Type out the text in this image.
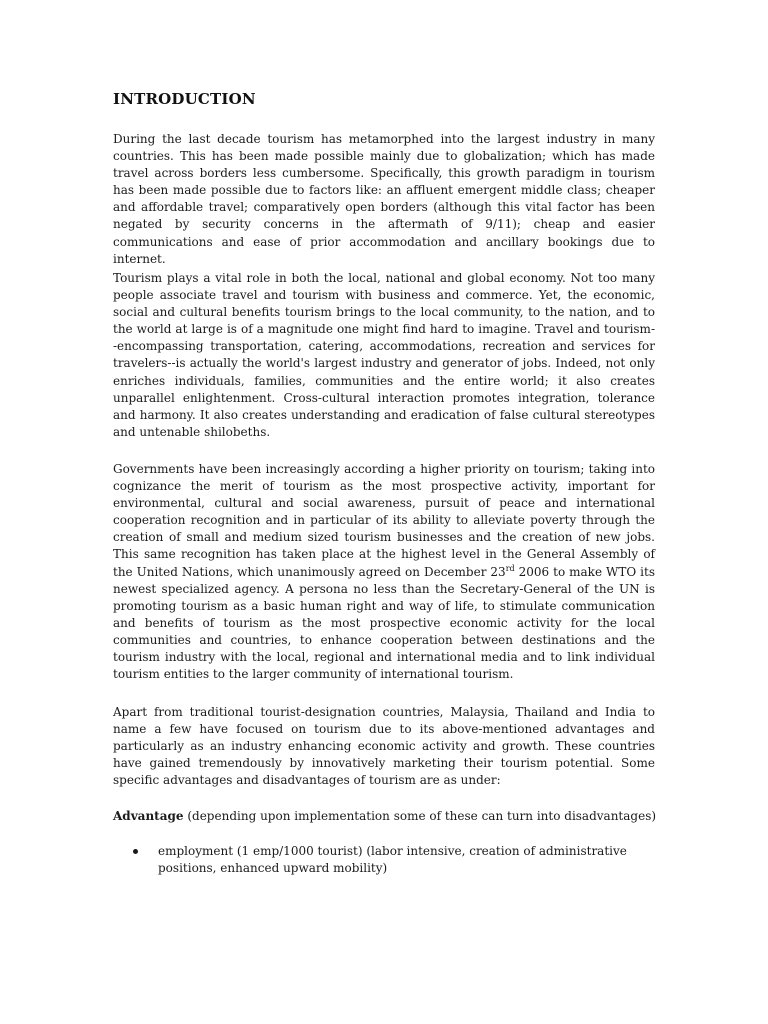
INTRODUCTION

During the last decade tourism has metamorphed into the largest industry in many countries. This has been made possible mainly due to globalization; which has made travel across borders less cumbersome. Specifically, this growth paradigm in tourism has been made possible due to factors like: an affluent emergent middle class; cheaper and affordable travel; comparatively open borders (although this vital factor has been negated by security concerns in the aftermath of 9/11); cheap and easier communications and ease of prior accommodation and ancillary bookings due to internet.

Tourism plays a vital role in both the local, national and global economy. Not too many people associate travel and tourism with business and commerce. Yet, the economic, social and cultural benefits tourism brings to the local community, to the nation, and to the world at large is of a magnitude one might find hard to imagine. Travel and tourism--encompassing transportation, catering, accommodations, recreation and services for travelers--is actually the world's largest industry and generator of jobs. Indeed, not only enriches individuals, families, communities and the entire world; it also creates unparallel enlightenment. Cross-cultural interaction promotes integration, tolerance and harmony. It also creates understanding and eradication of false cultural stereotypes and untenable shilobeths.

Governments have been increasingly according a higher priority on tourism; taking into cognizance the merit of tourism as the most prospective activity, important for environmental, cultural and social awareness, pursuit of peace and international cooperation recognition and in particular of its ability to alleviate poverty through the creation of small and medium sized tourism businesses and the creation of new jobs. This same recognition has taken place at the highest level in the General Assembly of the United Nations, which unanimously agreed on December 23rd 2006 to make WTO its newest specialized agency. A persona no less than the Secretary-General of the UN is promoting tourism as a basic human right and way of life, to stimulate communication and benefits of tourism as the most prospective economic activity for the local communities and countries, to enhance cooperation between destinations and the tourism industry with the local, regional and international media and to link individual tourism entities to the larger community of international tourism.

Apart from traditional tourist-designation countries, Malaysia, Thailand and India to name a few have focused on tourism due to its above-mentioned advantages and particularly as an industry enhancing economic activity and growth. These countries have gained tremendously by innovatively marketing their tourism potential. Some specific advantages and disadvantages of tourism are as under:

Advantage (depending upon implementation some of these can turn into disadvantages)

employment (1 emp/1000 tourist) (labor intensive, creation of administrative positions, enhanced upward mobility)
